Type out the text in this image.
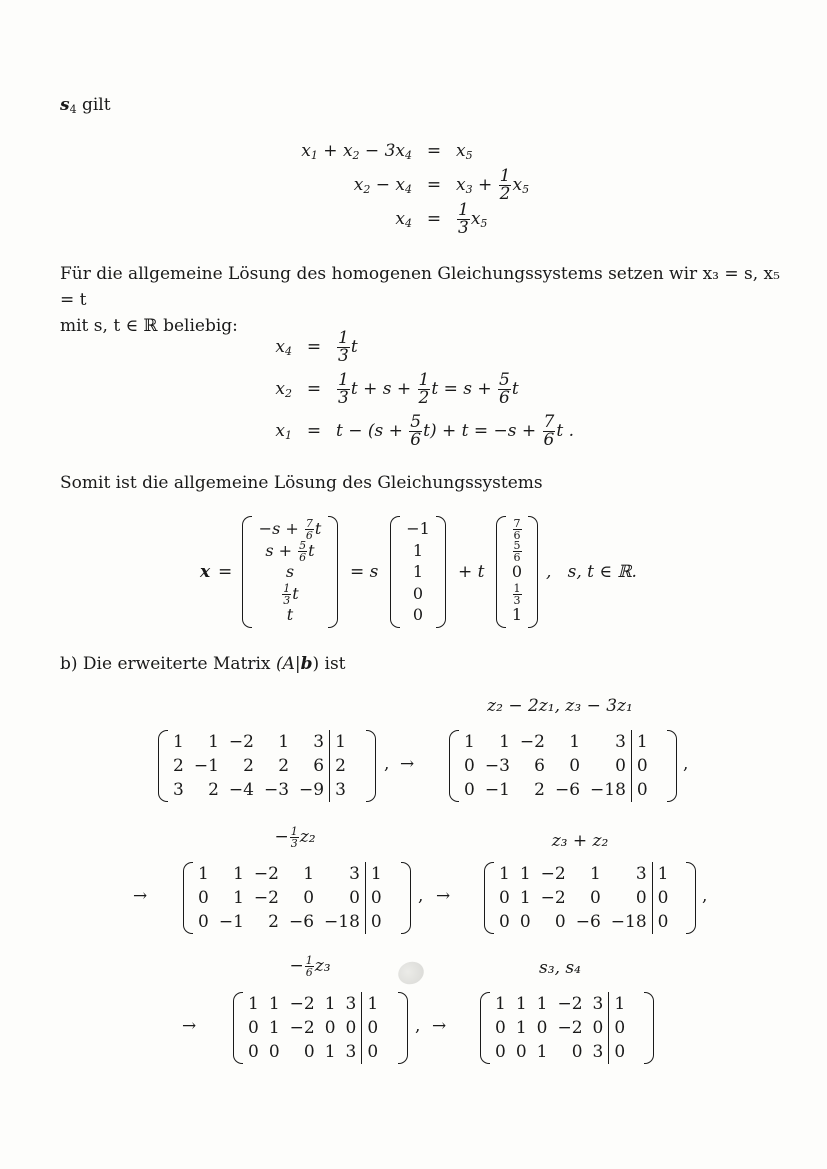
$s_4$ gilt
$x_1 + x_2 - 3x_4 = x_5$
$x_2 - x_4 = x_3 + \frac{1}{2} x_5$
$x_4 = \frac{1}{3} x_5$
Für die allgemeine Lösung des homogenen Gleichungssystems setzen wir x₃ = s, x₅ = t
mit s, t ∈ ℝ beliebig:
$x_4 = \frac{1}{3}$ t
$x_2 = \frac{1}{3}$ $t + s + \frac{1}{2}$ $t = s + \frac{5}{6}$ t
$x_1 = t - (s + \frac{5}{6} t) + t = -s + \frac{7}{6}$ t .
Somit ist die allgemeine Lösung des Gleichungssystems
x =
$-s + \frac{7}{6}$ t
$s + \frac{5}{6}$ t
s
$\frac{1}{3}$ t
t
= s
−1
1
1
0
0
+ t
$\frac{7}{6}$
$\frac{5}{6}$
0
$\frac{1}{3}$
1
,   s, t ∈ ℝ.
b) Die erweiterte Matrix (A|b) ist
z₂ − 2z₁, z₃ − 3z₁
− $\frac{1}{3} z_2$	z₃ + z₂
− $\frac{1}{6} z_3$	s₃, s₄
1	1	−2	1	3	1
2	−1	2	2	6	2
3	2	−4	−3	−9	3
, →
1	1	−2	1	3	1
0	−3	6	0	0	0
0	−1	2	−6	−18	0
,
→
1	1	−2	1	3	1
0	1	−2	0	0	0
0	−1	2	−6	−18	0
, →
1	1	−2	1	3	1
0	1	−2	0	0	0
0	0	0	−6	−18	0
,
→
1	1	−2	1	3	1
0	1	−2	0	0	0
0	0	0	1	3	0
, →
1	1	1	−2	3	1
0	1	0	−2	0	0
0	0	1	0	3	0
